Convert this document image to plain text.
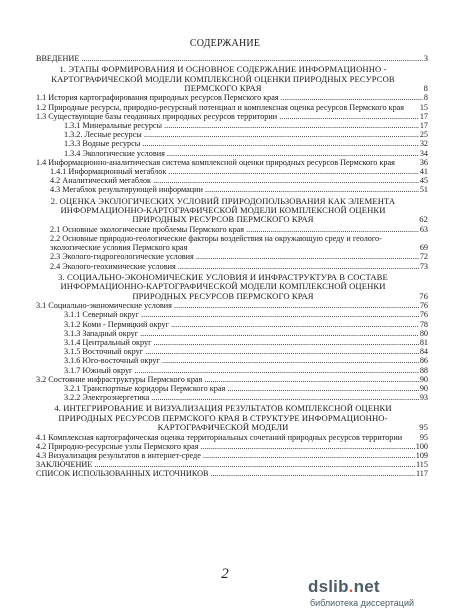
СОДЕРЖАНИЕ
ВВЕДЕНИЕ .....	3
1. ЭТАПЫ ФОРМИРОВАНИЯ И ОСНОВНОЕ СОДЕРЖАНИЕ ИНФОРМАЦИОННО - КАРТОГРАФИЧЕСКОЙ МОДЕЛИ КОМПЛЕКСНОЙ ОЦЕНКИ ПРИРОДНЫХ РЕСУРСОВ ПЕРМСКОГО КРАЯ	8
1.1 История картографирования природных ресурсов Пермского края .....	8
1.2 Природные ресурсы, природно-ресурсный потенциал и комплексная оценка ресурсов Пермского края	15
1.3 Существующие базы геоданных природных ресурсов территории .....	17
1.3.1 Минеральные ресурсы .....	17
1.3.2. Лесные ресурсы .....	25
1.3.3 Водные ресурсы .....	32
1.3.4 Экологические условия .....	34
1.4 Информационно-аналитическая система комплексной оценки природных ресурсов Пермского края	36
1.4.1 Информационный мегаблок .....	41
4.2 Аналитический мегаблок .....	45
4.3 Мегаблок результирующей информации .....	51
2. ОЦЕНКА ЭКОЛОГИЧЕСКИХ УСЛОВИЙ ПРИРОДОПОЛЬЗОВАНИЯ КАК ЭЛЕМЕНТА ИНФОРМАЦИОННО-КАРТОГРАФИЧЕСКОЙ МОДЕЛИ КОМПЛЕКСНОЙ ОЦЕНКИ ПРИРОДНЫХ РЕСУРСОВ ПЕРМСКОГО КРАЯ	62
2.1 Основные экологические проблемы Пермского края .....	63
2.2 Основные природно-геологические факторы воздействия на окружающую среду и геолого-экологические условия Пермского края	69
2.3 Эколого-гидрогеологические условия .....	72
2.4 Эколого-геохимические условия .....	73
3. СОЦИАЛЬНО-ЭКОНОМИЧЕСКИЕ УСЛОВИЯ И ИНФРАСТРУКТУРА В СОСТАВЕ ИНФОРМАЦИОННО-КАРТОГРАФИЧЕСКОЙ МОДЕЛИ КОМПЛЕКСНОЙ ОЦЕНКИ ПРИРОДНЫХ РЕСУРСОВ ПЕРМСКОГО КРАЯ	76
3.1 Социально-экономические условия .....	76
3.1.1 Северный округ .....	76
3.1.2 Коми - Пермяцкий округ .....	78
3.1.3 Западный округ .....	80
3.1.4 Центральный округ .....	81
3.1.5 Восточный округ .....	84
3.1.6 Юго-восточный округ .....	86
3.1.7 Южный округ .....	88
3.2 Состояние инфраструктуры Пермского края .....	90
3.2.1 Транспортные коридоры Пермского края .....	90
3.2.2 Электроэнергетика .....	93
4. ИНТЕГРИРОВАНИЕ И ВИЗУАЛИЗАЦИЯ РЕЗУЛЬТАТОВ КОМПЛЕКСНОЙ ОЦЕНКИ ПРИРОДНЫХ РЕСУРСОВ ПЕРМСКОГО КРАЯ В СТРУКТУРЕ ИНФОРМАЦИОННО-КАРТОГРАФИЧЕСКОЙ МОДЕЛИ	95
4.1 Комплексная картографическая оценка территориальных сочетаний природных ресурсов территории	95
4.2 Природно-ресурсные узлы Пермского края .....	100
4.3 Визуализация результатов в интернет-среде .....	109
ЗАКЛЮЧЕНИЕ .....	115
СПИСОК ИСПОЛЬЗОВАННЫХ ИСТОЧНИКОВ .....	117
2
dslib.net
библиотека диссертаций
